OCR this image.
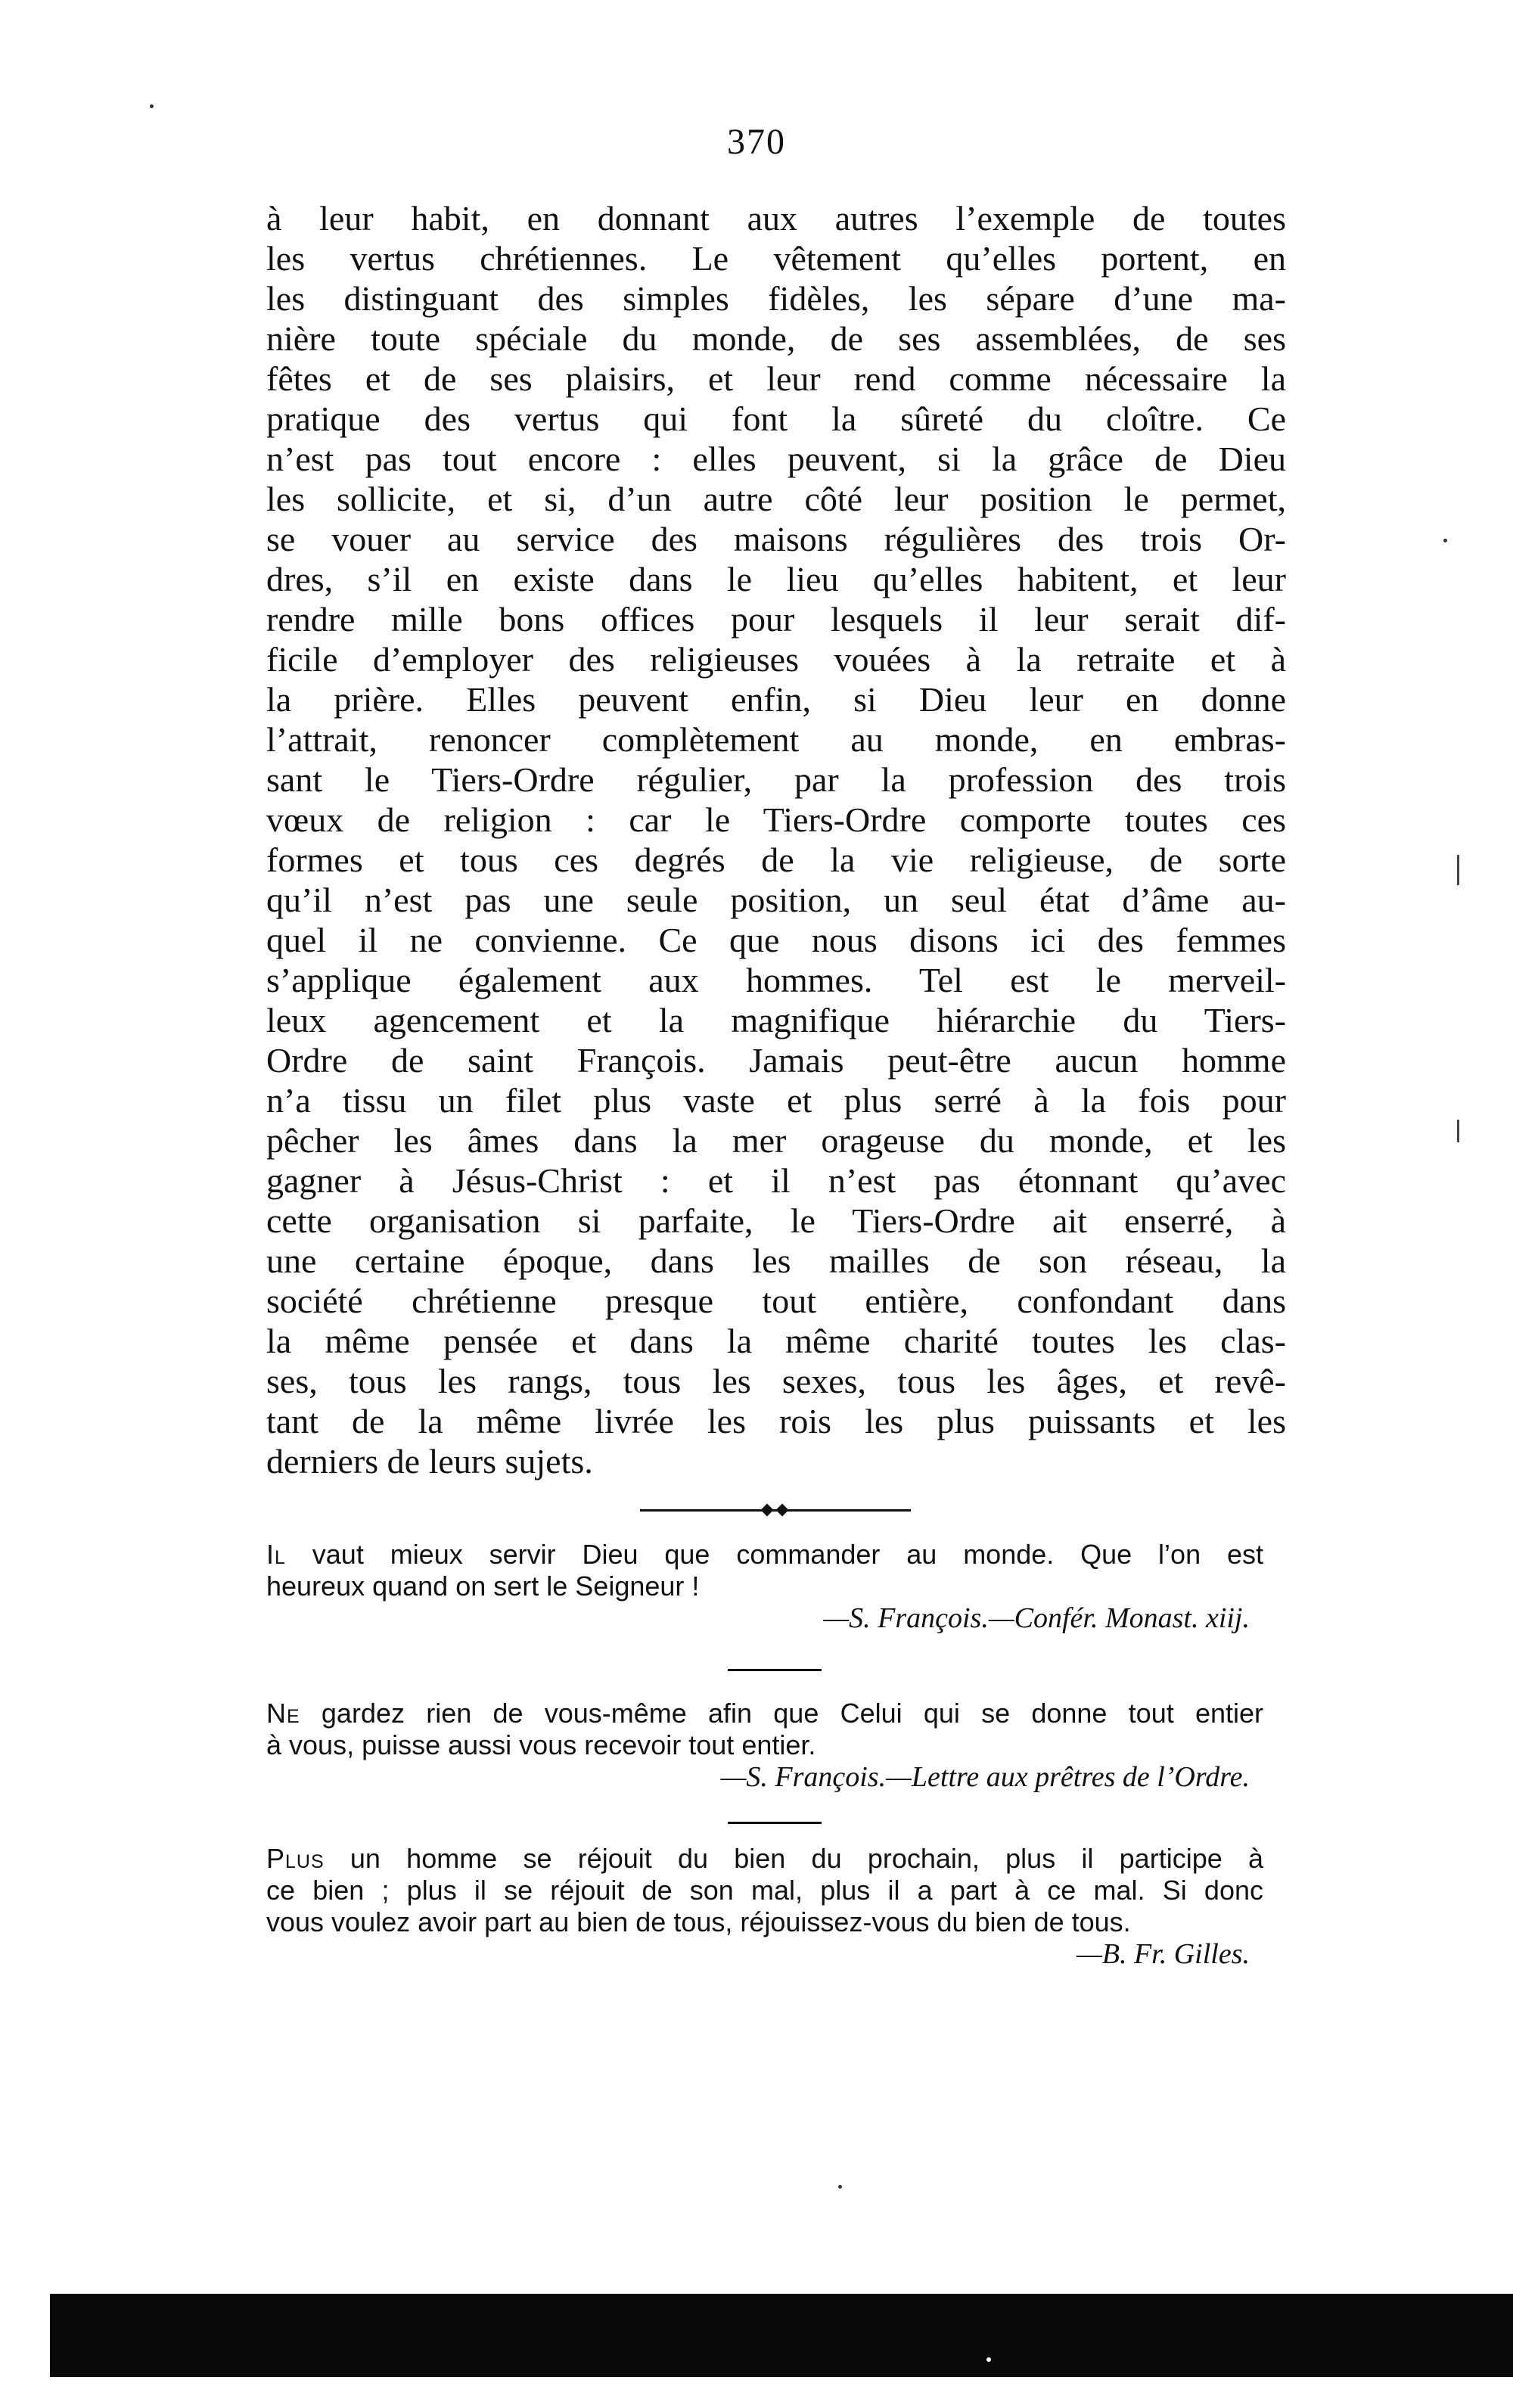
370
à leur habit, en donnant aux autres l’exemple de toutes
les vertus chrétiennes. Le vêtement qu’elles portent, en
les distinguant des simples fidèles, les sépare d’une ma-
nière toute spéciale du monde, de ses assemblées, de ses
fêtes et de ses plaisirs, et leur rend comme nécessaire la
pratique des vertus qui font la sûreté du cloître. Ce
n’est pas tout encore : elles peuvent, si la grâce de Dieu
les sollicite, et si, d’un autre côté leur position le permet,
se vouer au service des maisons régulières des trois Or-
dres, s’il en existe dans le lieu qu’elles habitent, et leur
rendre mille bons offices pour lesquels il leur serait dif-
ficile d’employer des religieuses vouées à la retraite et à
la prière. Elles peuvent enfin, si Dieu leur en donne
l’attrait, renoncer complètement au monde, en embras-
sant le Tiers-Ordre régulier, par la profession des trois
vœux de religion : car le Tiers-Ordre comporte toutes ces
formes et tous ces degrés de la vie religieuse, de sorte
qu’il n’est pas une seule position, un seul état d’âme au-
quel il ne convienne. Ce que nous disons ici des femmes
s’applique également aux hommes. Tel est le merveil-
leux agencement et la magnifique hiérarchie du Tiers-
Ordre de saint François. Jamais peut-être aucun homme
n’a tissu un filet plus vaste et plus serré à la fois pour
pêcher les âmes dans la mer orageuse du monde, et les
gagner à Jésus-Christ : et il n’est pas étonnant qu’avec
cette organisation si parfaite, le Tiers-Ordre ait enserré, à
une certaine époque, dans les mailles de son réseau, la
société chrétienne presque tout entière, confondant dans
la même pensée et dans la même charité toutes les clas-
ses, tous les rangs, tous les sexes, tous les âges, et revê-
tant de la même livrée les rois les plus puissants et les
derniers de leurs sujets.
Il vaut mieux servir Dieu que commander au monde. Que l’on est
heureux quand on sert le Seigneur !
—S. François.—Confér. Monast. xiij.
Ne gardez rien de vous-même afin que Celui qui se donne tout entier
à vous, puisse aussi vous recevoir tout entier.
—S. François.—Lettre aux prêtres de l’Ordre.
Plus un homme se réjouit du bien du prochain, plus il participe à
ce bien ; plus il se réjouit de son mal, plus il a part à ce mal. Si donc
vous voulez avoir part au bien de tous, réjouissez-vous du bien de tous.
—B. Fr. Gilles.
